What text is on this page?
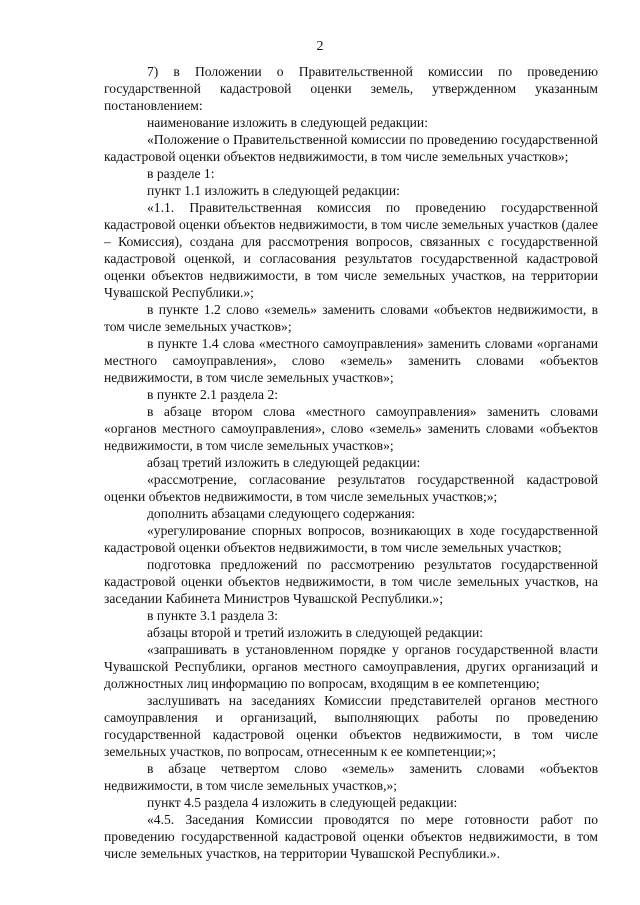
2

7) в Положении о Правительственной комиссии по проведению государственной кадастровой оценки земель, утвержденном указанным постановлением:

наименование изложить в следующей редакции:

«Положение о Правительственной комиссии по проведению государственной кадастровой оценки объектов недвижимости, в том числе земельных участков»;

в разделе 1:

пункт 1.1 изложить в следующей редакции:

«1.1. Правительственная комиссия по проведению государственной кадастровой оценки объектов недвижимости, в том числе земельных участков (далее – Комиссия), создана для рассмотрения вопросов, связанных с государственной кадастровой оценкой, и согласования результатов государственной кадастровой оценки объектов недвижимости, в том числе земельных участков, на территории Чувашской Республики.»;

в пункте 1.2 слово «земель» заменить словами «объектов недвижимости, в том числе земельных участков»;

в пункте 1.4 слова «местного самоуправления» заменить словами «органами местного самоуправления», слово «земель» заменить словами «объектов недвижимости, в том числе земельных участков»;

в пункте 2.1 раздела 2:

в абзаце втором слова «местного самоуправления» заменить словами «органов местного самоуправления», слово «земель» заменить словами «объектов недвижимости, в том числе земельных участков»;

абзац третий изложить в следующей редакции:

«рассмотрение, согласование результатов государственной кадастровой оценки объектов недвижимости, в том числе земельных участков;»;

дополнить абзацами следующего содержания:

«урегулирование спорных вопросов, возникающих в ходе государственной кадастровой оценки объектов недвижимости, в том числе земельных участков;

подготовка предложений по рассмотрению результатов государственной кадастровой оценки объектов недвижимости, в том числе земельных участков, на заседании Кабинета Министров Чувашской Республики.»;

в пункте 3.1 раздела 3:

абзацы второй и третий изложить в следующей редакции:

«запрашивать в установленном порядке у органов государственной власти Чувашской Республики, органов местного самоуправления, других организаций и должностных лиц информацию по вопросам, входящим в ее компетенцию;

заслушивать на заседаниях Комиссии представителей органов местного самоуправления и организаций, выполняющих работы по проведению государственной кадастровой оценки объектов недвижимости, в том числе земельных участков, по вопросам, отнесенным к ее компетенции;»;

в абзаце четвертом слово «земель» заменить словами «объектов недвижимости, в том числе земельных участков,»;

пункт 4.5 раздела 4 изложить в следующей редакции:

«4.5. Заседания Комиссии проводятся по мере готовности работ по проведению государственной кадастровой оценки объектов недвижимости, в том числе земельных участков, на территории Чувашской Республики.».
